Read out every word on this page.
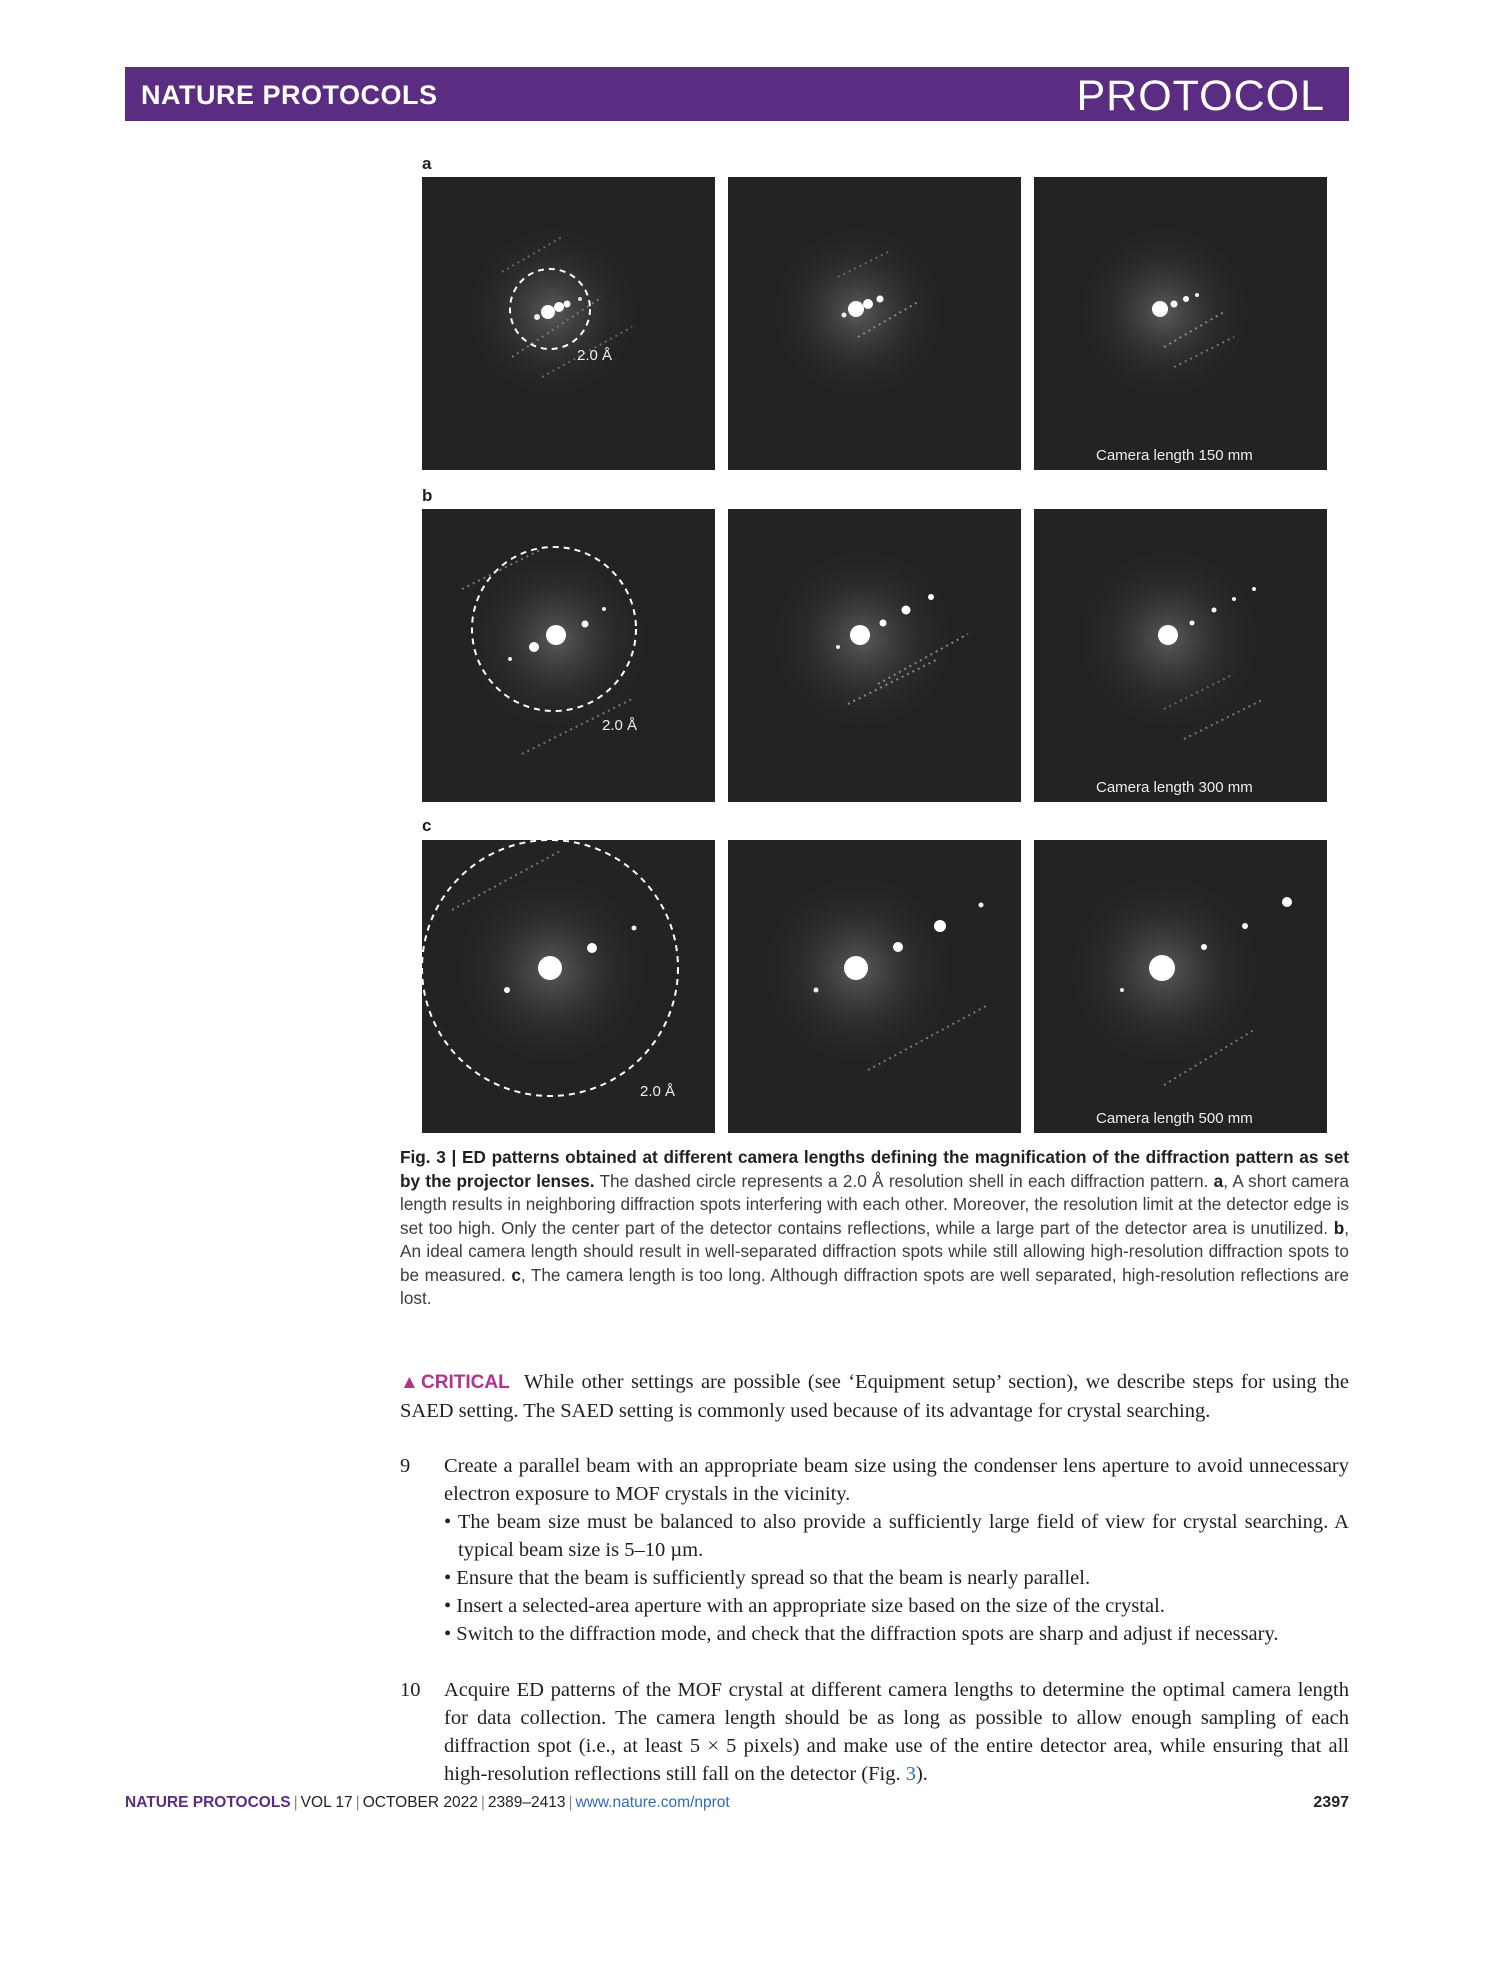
NATURE PROTOCOLS	PROTOCOL
a
2.0 Å
Camera length 150 mm
b
2.0 Å
Camera length 300 mm
c
2.0 Å
Camera length 500 mm
Fig. 3 | ED patterns obtained at different camera lengths defining the magnification of the diffraction pattern as set by the projector lenses. The dashed circle represents a 2.0 Å resolution shell in each diffraction pattern. a, A short camera length results in neighboring diffraction spots interfering with each other. Moreover, the resolution limit at the detector edge is set too high. Only the center part of the detector contains reflections, while a large part of the detector area is unutilized. b, An ideal camera length should result in well-separated diffraction spots while still allowing high-resolution diffraction spots to be measured. c, The camera length is too long. Although diffraction spots are well separated, high-resolution reflections are lost.
▲CRITICAL While other settings are possible (see ‘Equipment setup’ section), we describe steps for using the SAED setting. The SAED setting is commonly used because of its advantage for crystal searching.
9 Create a parallel beam with an appropriate beam size using the condenser lens aperture to avoid unnecessary electron exposure to MOF crystals in the vicinity.
• The beam size must be balanced to also provide a sufficiently large field of view for crystal searching. A typical beam size is 5–10 µm.
• Ensure that the beam is sufficiently spread so that the beam is nearly parallel.
• Insert a selected-area aperture with an appropriate size based on the size of the crystal.
• Switch to the diffraction mode, and check that the diffraction spots are sharp and adjust if necessary.
10 Acquire ED patterns of the MOF crystal at different camera lengths to determine the optimal camera length for data collection. The camera length should be as long as possible to allow enough sampling of each diffraction spot (i.e., at least 5 × 5 pixels) and make use of the entire detector area, while ensuring that all high-resolution reflections still fall on the detector (Fig. 3).
NATURE PROTOCOLS | VOL 17 | OCTOBER 2022 | 2389–2413 | www.nature.com/nprot	2397
